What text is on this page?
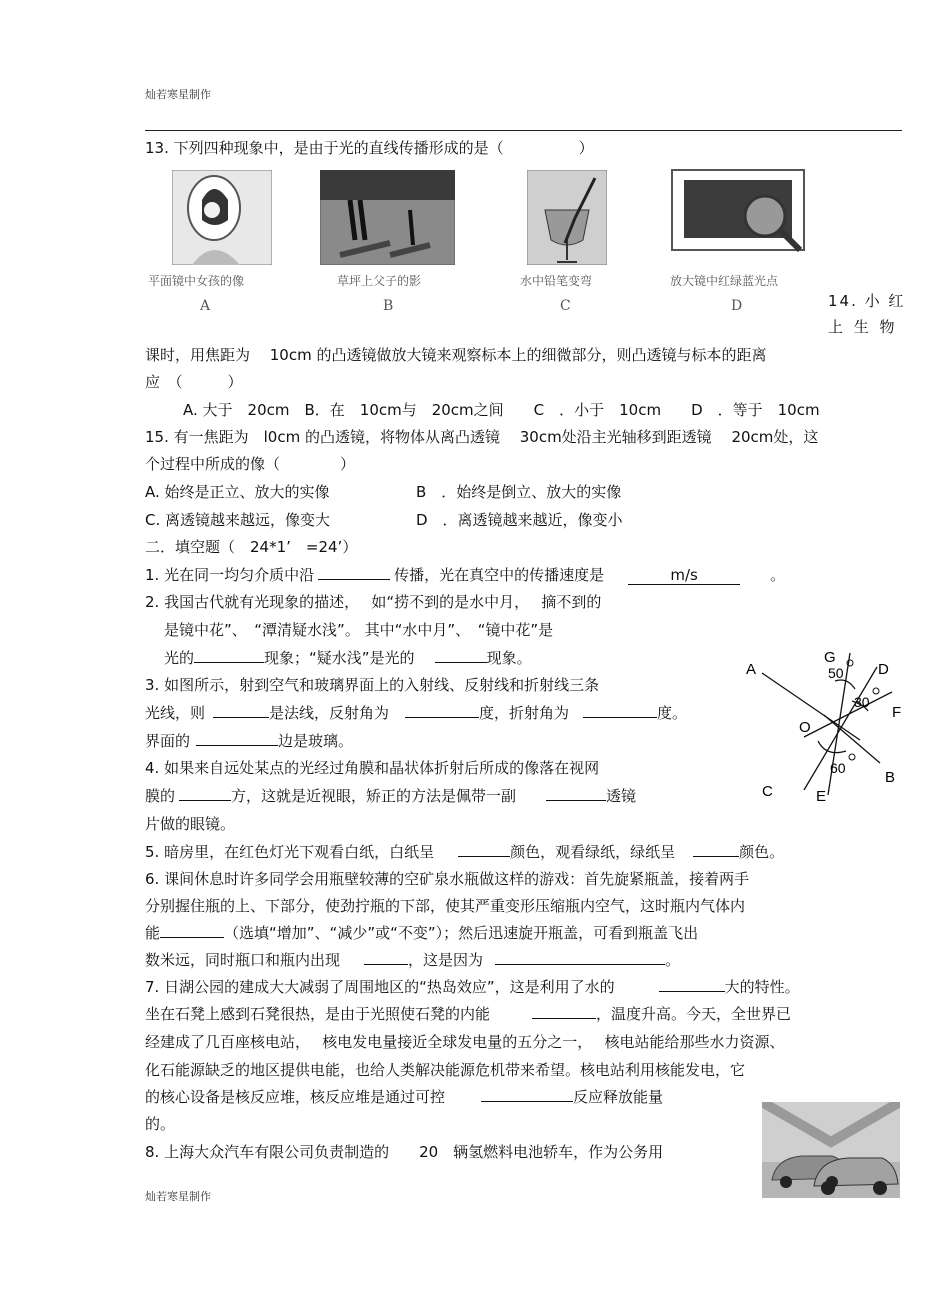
灿若寒星制作
13. 下列四种现象中，是由于光的直线传播形成的是（　　　　　）
平面镜中女孩的像
A
草坪上父子的影
B
水中铅笔变弯
C
放大镜中红绿蓝光点
D	14. 小 红
上 生 物
课时，用焦距为　 10cm 的凸透镜做放大镜来观察标本上的细微部分，则凸透镜与标本的距离
应　（　　　）
A. 大于　20cm　B．在　10cm与　20cm之间　　C　．小于　10cm　　D　．等于　10cm
15. 有一焦距为　l0cm 的凸透镜，将物体从离凸透镜　 30cm处沿主光轴移到距透镜　 20cm处，这
个过程中所成的像（　　　　）
A. 始终是正立、放大的实像	B　．始终是倒立、放大的实像
C. 离透镜越来越远，像变大	D　．离透镜越来越近，像变小
二．填空题（　24*1’　=24’）
1. 光在同一均匀介质中沿	传播，光在真空中的传播速度是	m/s	。
2. 我国古代就有光现象的描述，　 如“捞不到的是水中月，　 摘不到的
是镜中花”、　“潭清疑水浅”。 其中“水中月”、　“镜中花”是
光的	现象；“疑水浅”是光的	现象。
3. 如图所示，射到空气和玻璃界面上的入射线、反射线和折射线三条
光线，则	是法线，反射角为	度，折射角为	度。
界面的	边是玻璃。
4. 如果来自远处某点的光经过角膜和晶状体折射后所成的像落在视网
膜的	方，这就是近视眼，矫正的方法是佩带一副	透镜
片做的眼镜。
5. 暗房里，在红色灯光下观看白纸，白纸呈	颜色，观看绿纸，绿纸呈	颜色。
6. 课间休息时许多同学会用瓶壁较薄的空矿泉水瓶做这样的游戏：首先旋紧瓶盖，接着两手
分别握住瓶的上、下部分，使劲拧瓶的下部，使其严重变形压缩瓶内空气，这时瓶内气体内
能	（选填“增加”、“减少”或“不变”）；然后迅速旋开瓶盖，可看到瓶盖飞出
数米远，同时瓶口和瓶内出现	，这是因为	。
7. 日湖公园的建成大大减弱了周围地区的“热岛效应”，这是利用了水的	大的特性。
坐在石凳上感到石凳很热，是由于光照使石凳的内能	，温度升高。今天，全世界已
经建成了几百座核电站，　 核电发电量接近全球发电量的五分之一，　 核电站能给那些水力资源、
化石能源缺乏的地区提供电能，也给人类解决能源危机带来希望。核电站利用核能发电，它
的核心设备是核反应堆，核反应堆是通过可控	反应释放能量
的。
8. 上海大众汽车有限公司负责制造的　　20　辆氢燃料电池轿车，作为公务用
A
G
D
F
O
B
C	E
50
30
60
灿若寒星制作
